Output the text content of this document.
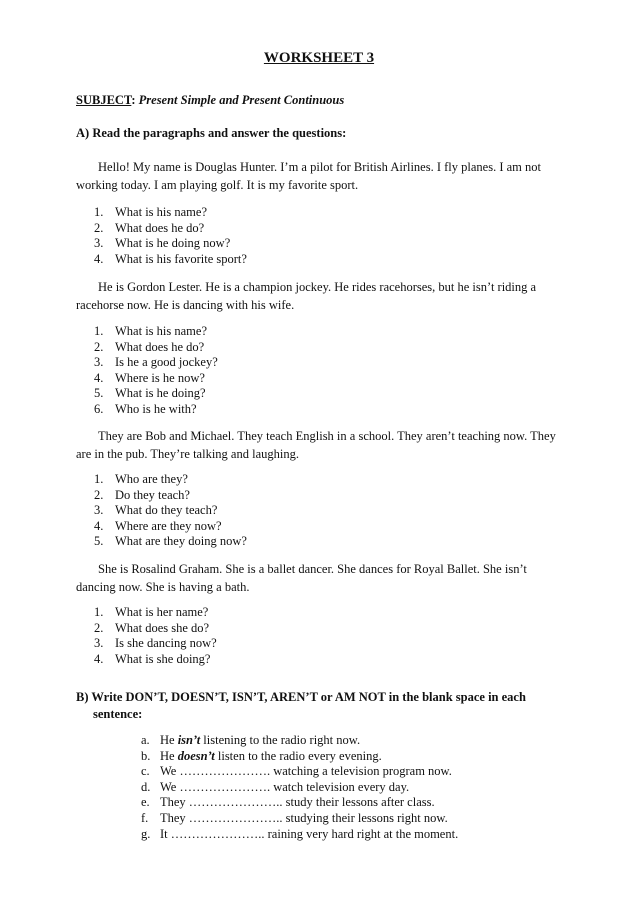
WORKSHEET 3
SUBJECT: Present Simple and Present Continuous
A) Read the paragraphs and answer the questions:

Hello! My name is Douglas Hunter. I’m a pilot for British Airlines. I fly planes. I am not working today. I am playing golf. It is my favorite sport.

1. What is his name?
2. What does he do?
3. What is he doing now?
4. What is his favorite sport?

He is Gordon Lester. He is a champion jockey. He rides racehorses, but he isn’t riding a racehorse now. He is dancing with his wife.

1. What is his name?
2. What does he do?
3. Is he a good jockey?
4. Where is he now?
5. What is he doing?
6. Who is he with?

They are Bob and Michael. They teach English in a school. They aren’t teaching now. They are in the pub. They’re talking and laughing.

1. Who are they?
2. Do they teach?
3. What do they teach?
4. Where are they now?
5. What are they doing now?

She is Rosalind Graham. She is a ballet dancer. She dances for Royal Ballet. She isn’t dancing now. She is having a bath.

1. What is her name?
2. What does she do?
3. Is she dancing now?
4. What is she doing?
B) Write DON’T, DOESN’T, ISN’T, AREN’T or AM NOT in the blank space in each
sentence:
a. He isn’t listening to the radio right now.
b. He doesn’t listen to the radio every evening.
c. We …………………. watching a television program now.
d. We …………………. watch television every day.
e. They ………………….. study their lessons after class.
f. They ………………….. studying their lessons right now.
g. It ………………….. raining very hard right at the moment.
